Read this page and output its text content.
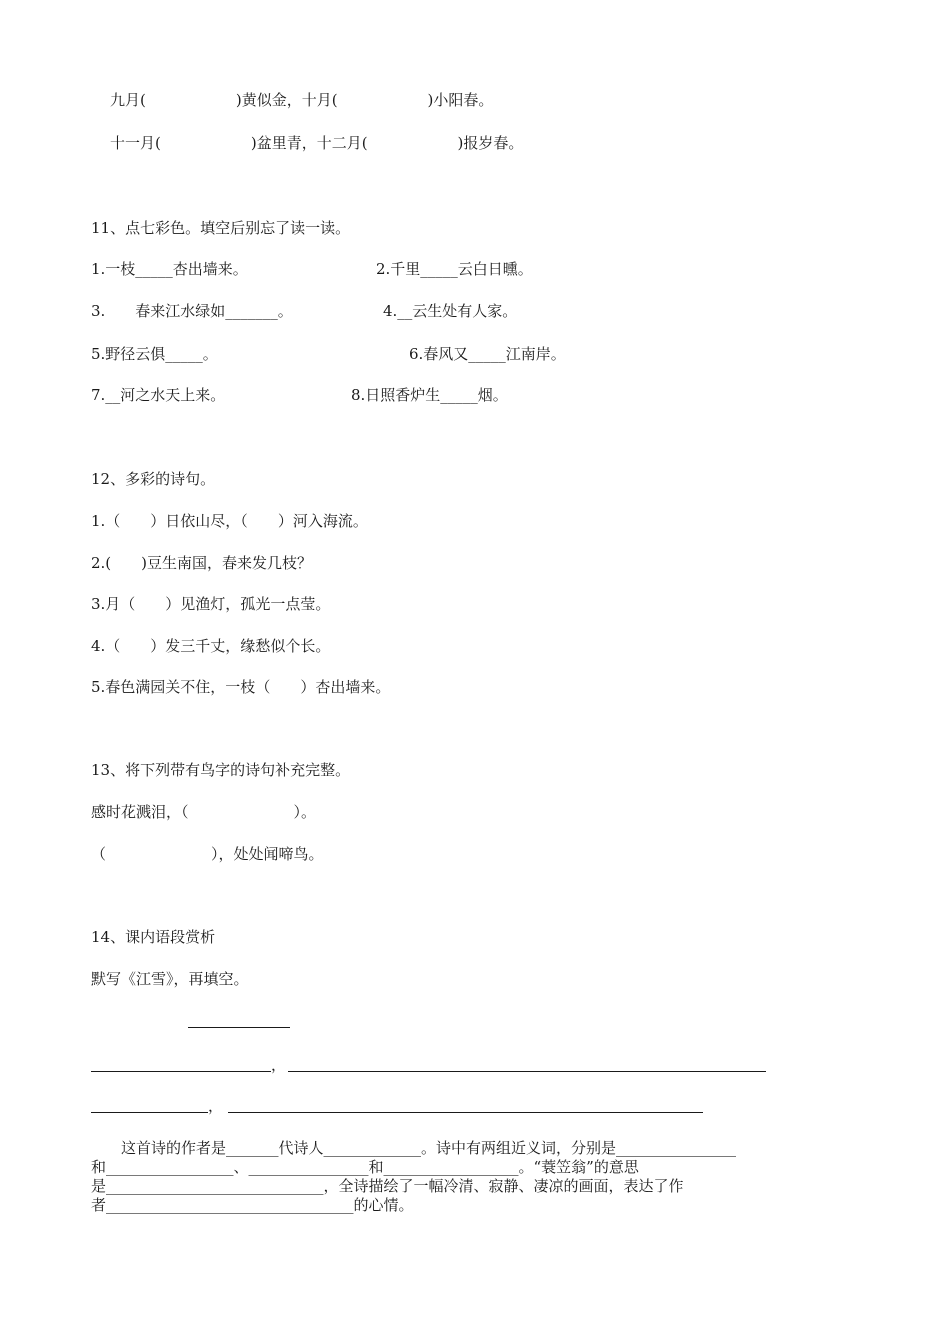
九月(　　　　　　)黄似金，十月(　　　　　　)小阳春。

十一月(　　　　　　)盆里青，十二月(　　　　　　)报岁春。

11、点七彩色。填空后别忘了读一读。

1.一枝_____杏出墙来。	2.千里_____云白日曛。

3.　　春来江水绿如_______。	4.__云生处有人家。

5.野径云俱_____。	6.春风又_____江南岸。

7.__河之水天上来。	8.日照香炉生_____烟。

12、多彩的诗句。

1.（　　）日依山尽，（　　）河入海流。

2.(　　)豆生南国，春来发几枝？

3.月（　　）见渔灯，孤光一点莹。

4.（　　）发三千丈，缘愁似个长。

5.春色满园关不住，一枝（　　）杏出墙来。

13、将下列带有鸟字的诗句补充完整。

感时花溅泪，（　　　　　　　）。

（　　　　　　　），处处闻啼鸟。

14、课内语段赏析

默写《江雪》，再填空。

，

，

　　这首诗的作者是_______代诗人_____________。诗中有两组近义词，分别是________________

和_________________、________________和__________________。“蓑笠翁”的意思

是_____________________________，全诗描绘了一幅冷清、寂静、凄凉的画面，表达了作

者_________________________________的心情。
